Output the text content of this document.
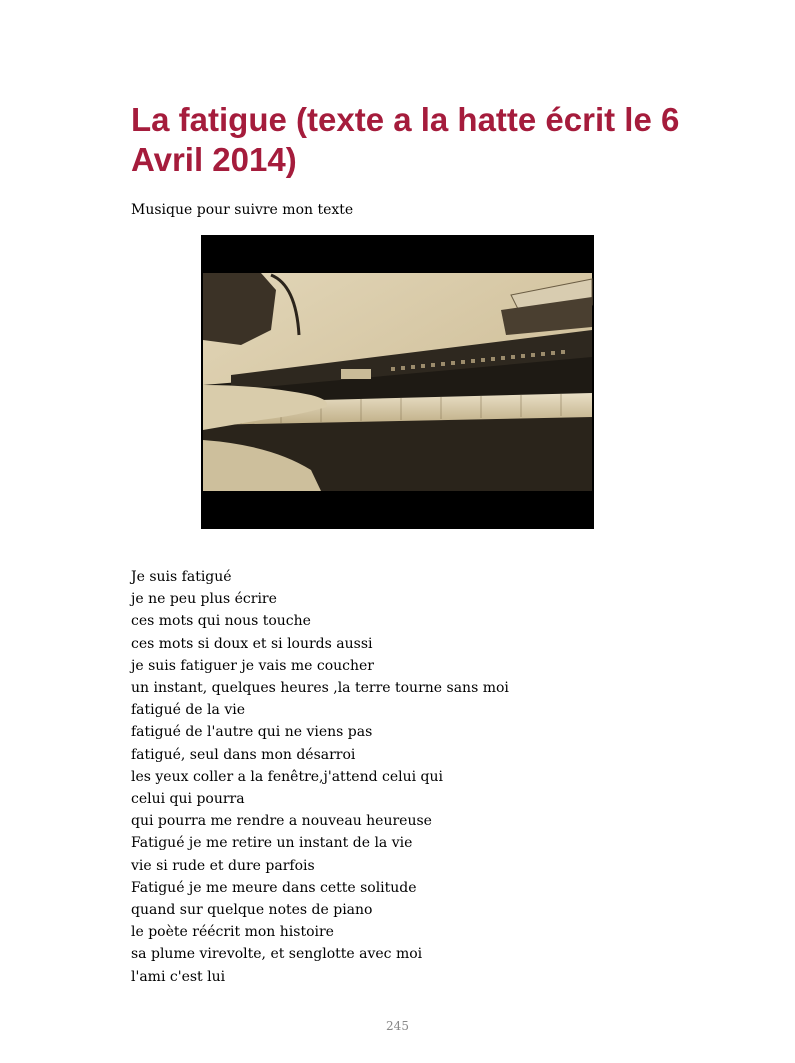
La fatigue (texte a la hatte écrit le 6 Avril 2014)

Musique pour suivre mon texte

Je suis fatigué
je ne peu plus écrire
ces mots qui nous touche
ces mots si doux et si lourds aussi
je suis fatiguer je vais me coucher
un instant, quelques heures ,la terre tourne sans moi
fatigué de la vie
fatigué de l'autre qui ne viens pas
fatigué, seul dans mon désarroi
les yeux coller a la fenêtre,j'attend celui qui
celui qui pourra
qui pourra me rendre a nouveau heureuse
Fatigué je me retire un instant de la vie
vie si rude et dure parfois
Fatigué je me meure dans cette solitude
quand sur quelque notes de piano
le poète réécrit mon histoire
sa plume virevolte, et senglotte avec moi
l'ami c'est lui
245
